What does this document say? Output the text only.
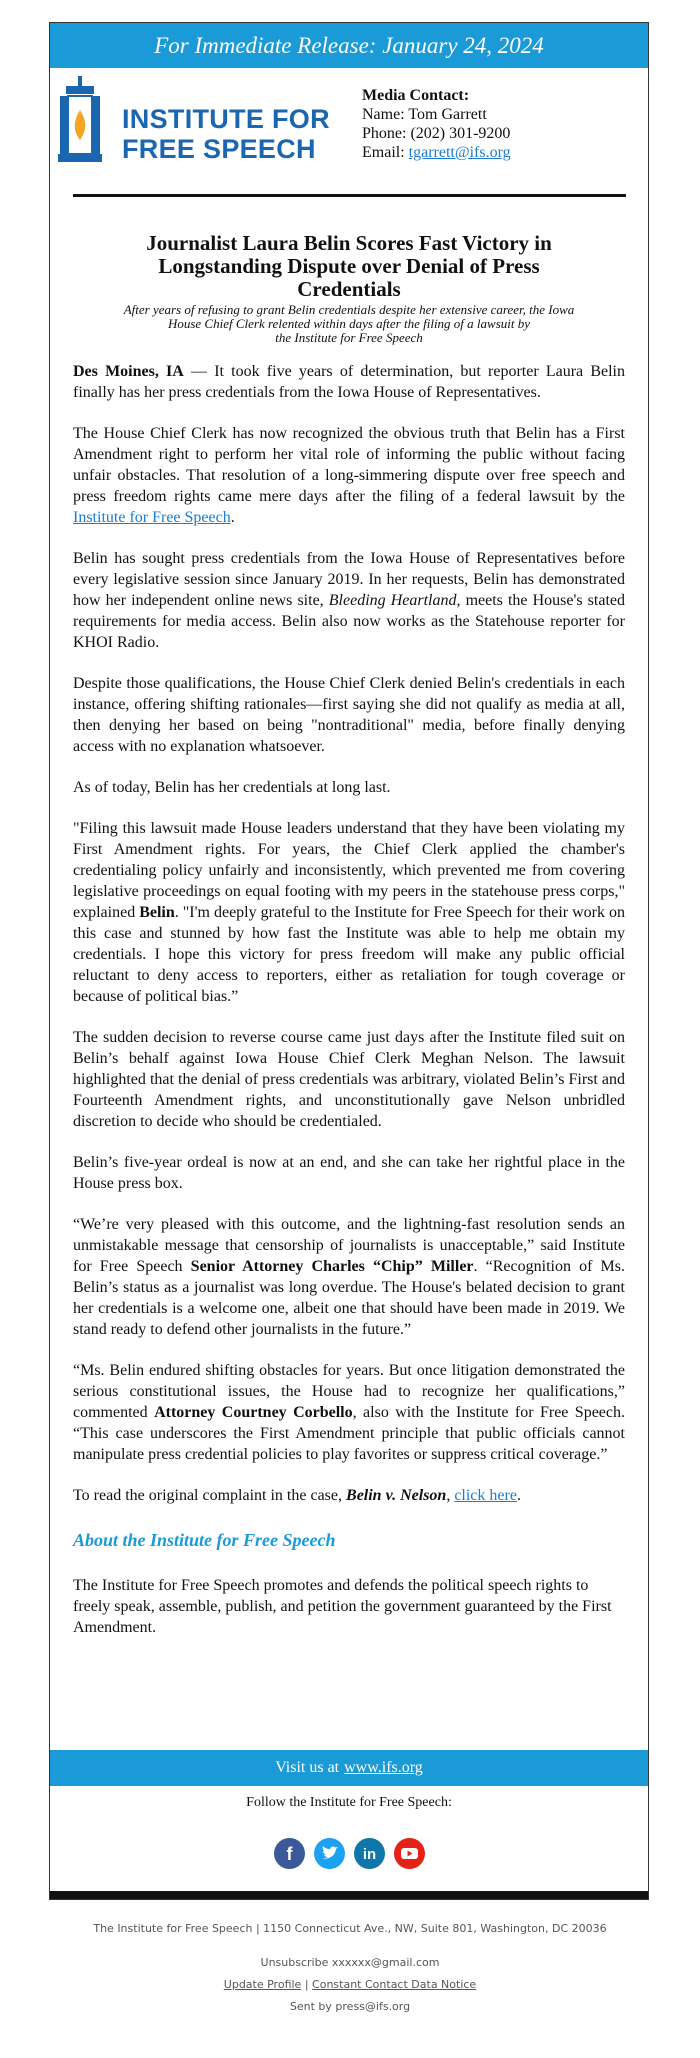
For Immediate Release: January 24, 2024
INSTITUTE FOR
FREE SPEECH
Media Contact:
Name: Tom Garrett
Phone: (202) 301-9200
Email: tgarrett@ifs.org
Journalist Laura Belin Scores Fast Victory in Longstanding Dispute over Denial of Press Credentials
After years of refusing to grant Belin credentials despite her extensive career, the Iowa
House Chief Clerk relented within days after the filing of a lawsuit by
the Institute for Free Speech

Des Moines, IA — It took five years of determination, but reporter Laura Belin finally has her press credentials from the Iowa House of Representatives.

The House Chief Clerk has now recognized the obvious truth that Belin has a First Amendment right to perform her vital role of informing the public without facing unfair obstacles. That resolution of a long-simmering dispute over free speech and press freedom rights came mere days after the filing of a federal lawsuit by the Institute for Free Speech.

Belin has sought press credentials from the Iowa House of Representatives before every legislative session since January 2019. In her requests, Belin has demonstrated how her independent online news site, Bleeding Heartland, meets the House's stated requirements for media access. Belin also now works as the Statehouse reporter for KHOI Radio.

Despite those qualifications, the House Chief Clerk denied Belin's credentials in each instance, offering shifting rationales—first saying she did not qualify as media at all, then denying her based on being "nontraditional" media, before finally denying access with no explanation whatsoever.

As of today, Belin has her credentials at long last.

"Filing this lawsuit made House leaders understand that they have been violating my First Amendment rights. For years, the Chief Clerk applied the chamber's credentialing policy unfairly and inconsistently, which prevented me from covering legislative proceedings on equal footing with my peers in the statehouse press corps," explained Belin. "I'm deeply grateful to the Institute for Free Speech for their work on this case and stunned by how fast the Institute was able to help me obtain my credentials. I hope this victory for press freedom will make any public official reluctant to deny access to reporters, either as retaliation for tough coverage or because of political bias.”

The sudden decision to reverse course came just days after the Institute filed suit on Belin’s behalf against Iowa House Chief Clerk Meghan Nelson. The lawsuit highlighted that the denial of press credentials was arbitrary, violated Belin’s First and Fourteenth Amendment rights, and unconstitutionally gave Nelson unbridled discretion to decide who should be credentialed.

Belin’s five-year ordeal is now at an end, and she can take her rightful place in the House press box.

“We’re very pleased with this outcome, and the lightning-fast resolution sends an unmistakable message that censorship of journalists is unacceptable,” said Institute for Free Speech Senior Attorney Charles “Chip” Miller. “Recognition of Ms. Belin’s status as a journalist was long overdue. The House's belated decision to grant her credentials is a welcome one, albeit one that should have been made in 2019. We stand ready to defend other journalists in the future.”

“Ms. Belin endured shifting obstacles for years. But once litigation demonstrated the serious constitutional issues, the House had to recognize her qualifications,” commented Attorney Courtney Corbello, also with the Institute for Free Speech. “This case underscores the First Amendment principle that public officials cannot manipulate press credential policies to play favorites or suppress critical coverage.”

To read the original complaint in the case, Belin v. Nelson, click here.

About the Institute for Free Speech

The Institute for Free Speech promotes and defends the political speech rights to freely speak, assemble, publish, and petition the government guaranteed by the First Amendment.

Visit us at www.ifs.org
Follow the Institute for Free Speech:
f	in
The Institute for Free Speech | 1150 Connecticut Ave., NW, Suite 801, Washington, DC 20036
Unsubscribe xxxxxx@gmail.com
Update Profile | Constant Contact Data Notice
Sent by press@ifs.org
